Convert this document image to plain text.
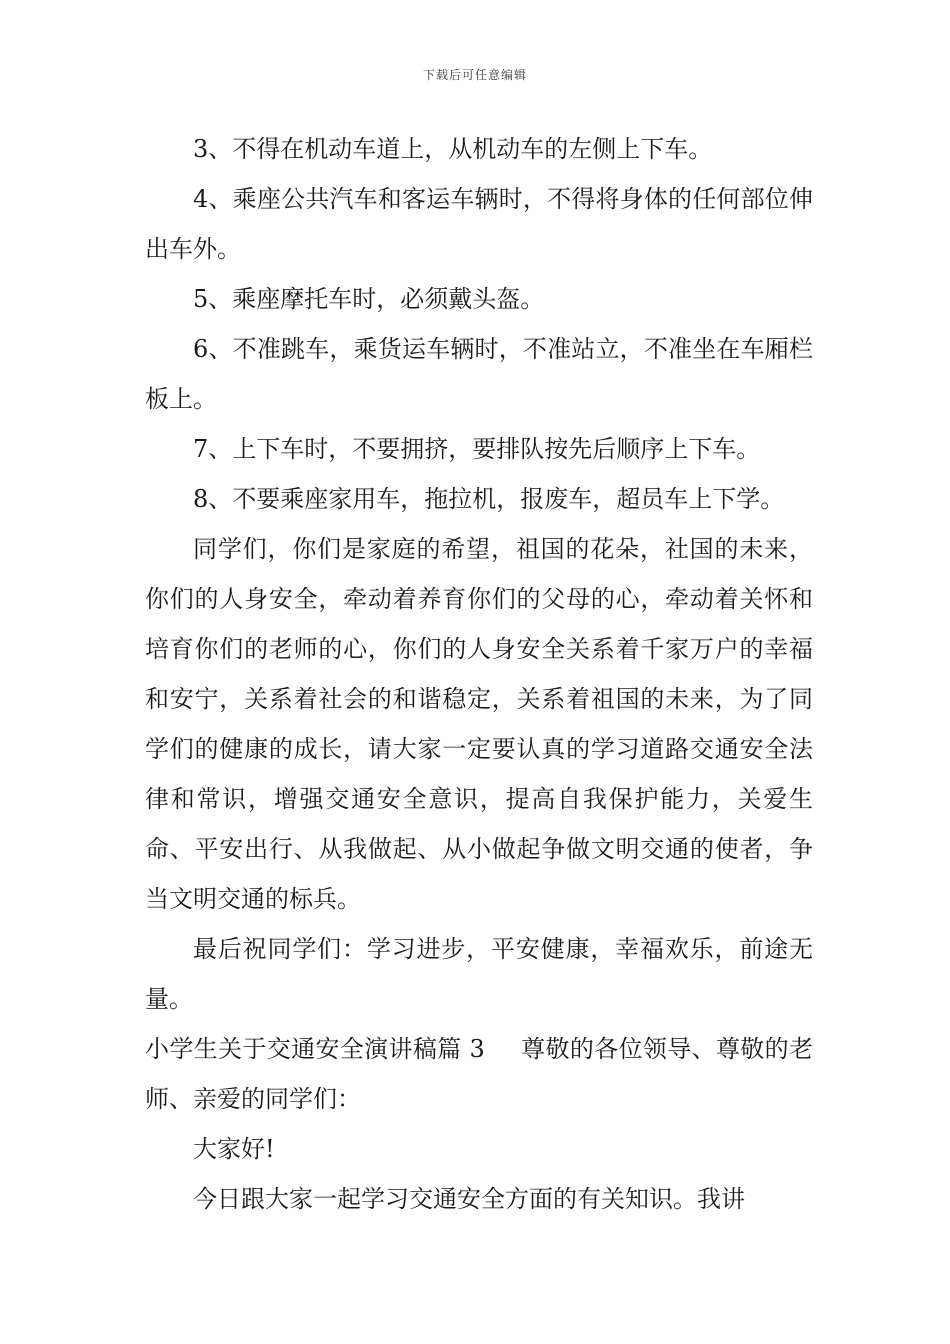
下载后可任意编辑

3、不得在机动车道上，从机动车的左侧上下车。

4、乘座公共汽车和客运车辆时，不得将身体的任何部位伸出车外。

5、乘座摩托车时，必须戴头盔。

6、不准跳车，乘货运车辆时，不准站立，不准坐在车厢栏板上。

7、上下车时，不要拥挤，要排队按先后顺序上下车。

8、不要乘座家用车，拖拉机，报废车，超员车上下学。

同学们，你们是家庭的希望，祖国的花朵，社国的未来，你们的人身安全，牵动着养育你们的父母的心，牵动着关怀和培育你们的老师的心，你们的人身安全关系着千家万户的幸福和安宁，关系着社会的和谐稳定，关系着祖国的未来，为了同学们的健康的成长，请大家一定要认真的学习道路交通安全法律和常识，增强交通安全意识，提高自我保护能力，关爱生命、平安出行、从我做起、从小做起争做文明交通的使者，争当文明交通的标兵。

最后祝同学们：学习进步，平安健康，幸福欢乐，前途无量。

小学生关于交通安全演讲稿篇 3 尊敬的各位领导、尊敬的老师、亲爱的同学们：

大家好!

今日跟大家一起学习交通安全方面的有关知识。我讲
